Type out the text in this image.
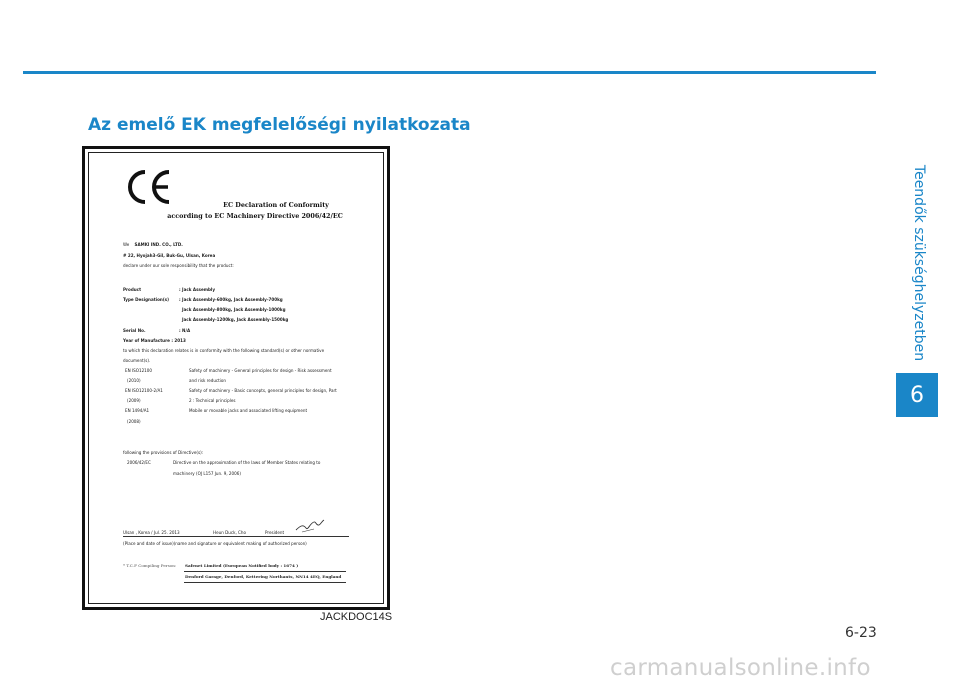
Az emelő EK megfelelőségi nyilatkozata
Teendők szükséghelyzetben
6
EC Declaration of Conformity
according to EC Machinery Directive 2006/42/EC
We SAMKI IND. CO., LTD.
# 22, Hyojah3-Gil, Buk-Gu, Ulsan, Korea
declare under our sole responsibility that the product:
Product	: Jack Assembly
Type Designation(s) : Jack Assembly-600kg, Jack Assembly-700kg
Jack Assembly-800kg, Jack Assembly-1000kg
Jack Assembly-1200kg, Jack Assembly-1500kg
Serial No.	: N/A
Year of Manufacture : 2013
to which this declaration relates is in conformity with the following standard(s) or other normative
document(s).
EN ISO12100	Safety of machinery - General principles for design - Risk assessment
(2010)	and risk reduction
EN ISO12100-2/A1	Safety of machinery - Basic concepts, general principles for design, Part
(2009)	2 : Technical principles
EN 1494/A1	Mobile or movable jacks and associated lifting equipment
(2008)
following the provisions of Directive(s):
2006/42/EC	Directive on the approximation of the laws of Member States relating to
machinery (OJ L157 Jun. 9, 2006)
Ulsan , Korea / Jul. 25. 2013	Heun Duck, Cho	President
(Place and date of issue)(name and signature or equivalent making of authorized person)
* T.C.F Compiling Person: Safenet Limited (European Notified body : 1674 )
Denford Garage, Denford, Kettering Northants, NN14 4EQ, England
JACKDOC14S
6-23
carmanualsonline.info
